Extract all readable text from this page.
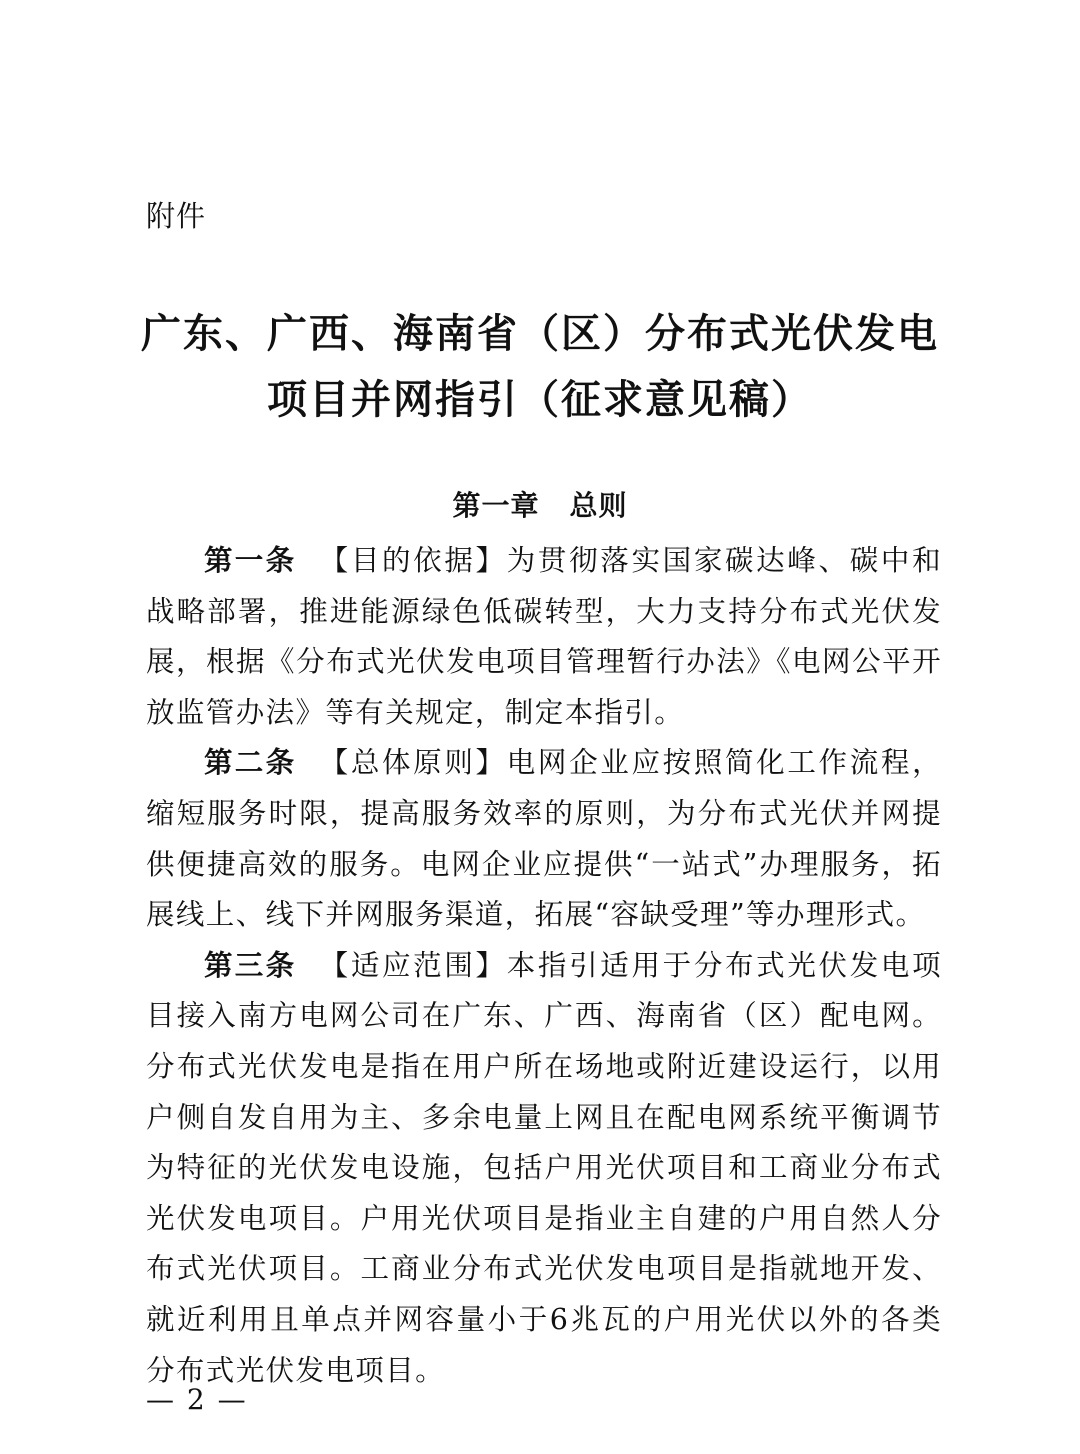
附件
广东、广西、海南省（区）分布式光伏发电
项目并网指引（征求意见稿）
第一章 总则

第一条 【目的依据】为贯彻落实国家碳达峰、碳中和战略部署，推进能源绿色低碳转型，大力支持分布式光伏发展，根据《分布式光伏发电项目管理暂行办法》《电网公平开放监管办法》等有关规定，制定本指引。

第二条 【总体原则】电网企业应按照简化工作流程，缩短服务时限，提高服务效率的原则，为分布式光伏并网提供便捷高效的服务。电网企业应提供“一站式”办理服务，拓展线上、线下并网服务渠道，拓展“容缺受理”等办理形式。

第三条 【适应范围】本指引适用于分布式光伏发电项目接入南方电网公司在广东、广西、海南省（区）配电网。分布式光伏发电是指在用户所在场地或附近建设运行，以用户侧自发自用为主、多余电量上网且在配电网系统平衡调节为特征的光伏发电设施，包括户用光伏项目和工商业分布式光伏发电项目。户用光伏项目是指业主自建的户用自然人分布式光伏项目。工商业分布式光伏发电项目是指就地开发、就近利用且单点并网容量小于6兆瓦的户用光伏以外的各类分布式光伏发电项目。

— 2 —
